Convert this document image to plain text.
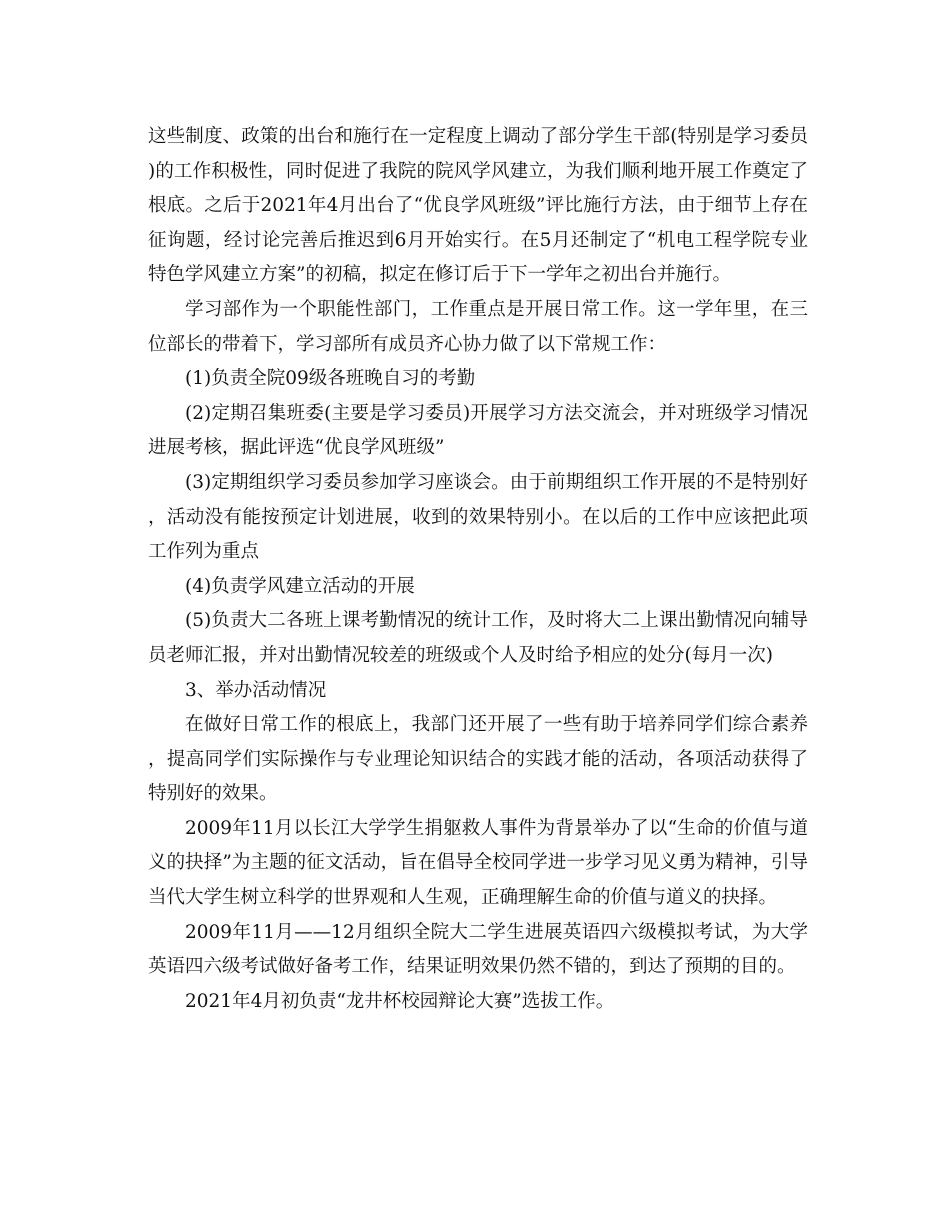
这些制度、政策的出台和施行在一定程度上调动了部分学生干部(特别是学习委员)的工作积极性，同时促进了我院的院风学风建立，为我们顺利地开展工作奠定了根底。之后于2021年4月出台了“优良学风班级”评比施行方法，由于细节上存在征询题，经讨论完善后推迟到6月开始实行。在5月还制定了“机电工程学院专业特色学风建立方案”的初稿，拟定在修订后于下一学年之初出台并施行。

学习部作为一个职能性部门，工作重点是开展日常工作。这一学年里，在三位部长的带着下，学习部所有成员齐心协力做了以下常规工作：

(1)负责全院09级各班晚自习的考勤

(2)定期召集班委(主要是学习委员)开展学习方法交流会，并对班级学习情况进展考核，据此评选“优良学风班级”

(3)定期组织学习委员参加学习座谈会。由于前期组织工作开展的不是特别好，活动没有能按预定计划进展，收到的效果特别小。在以后的工作中应该把此项工作列为重点

(4)负责学风建立活动的开展

(5)负责大二各班上课考勤情况的统计工作，及时将大二上课出勤情况向辅导员老师汇报，并对出勤情况较差的班级或个人及时给予相应的处分(每月一次)

3、举办活动情况

在做好日常工作的根底上，我部门还开展了一些有助于培养同学们综合素养，提高同学们实际操作与专业理论知识结合的实践才能的活动，各项活动获得了特别好的效果。

2009年11月以长江大学学生捐躯救人事件为背景举办了以“生命的价值与道义的抉择”为主题的征文活动，旨在倡导全校同学进一步学习见义勇为精神，引导当代大学生树立科学的世界观和人生观，正确理解生命的价值与道义的抉择。

2009年11月——12月组织全院大二学生进展英语四六级模拟考试，为大学英语四六级考试做好备考工作，结果证明效果仍然不错的，到达了预期的目的。

2021年4月初负责“龙井杯校园辩论大赛”选拔工作。
